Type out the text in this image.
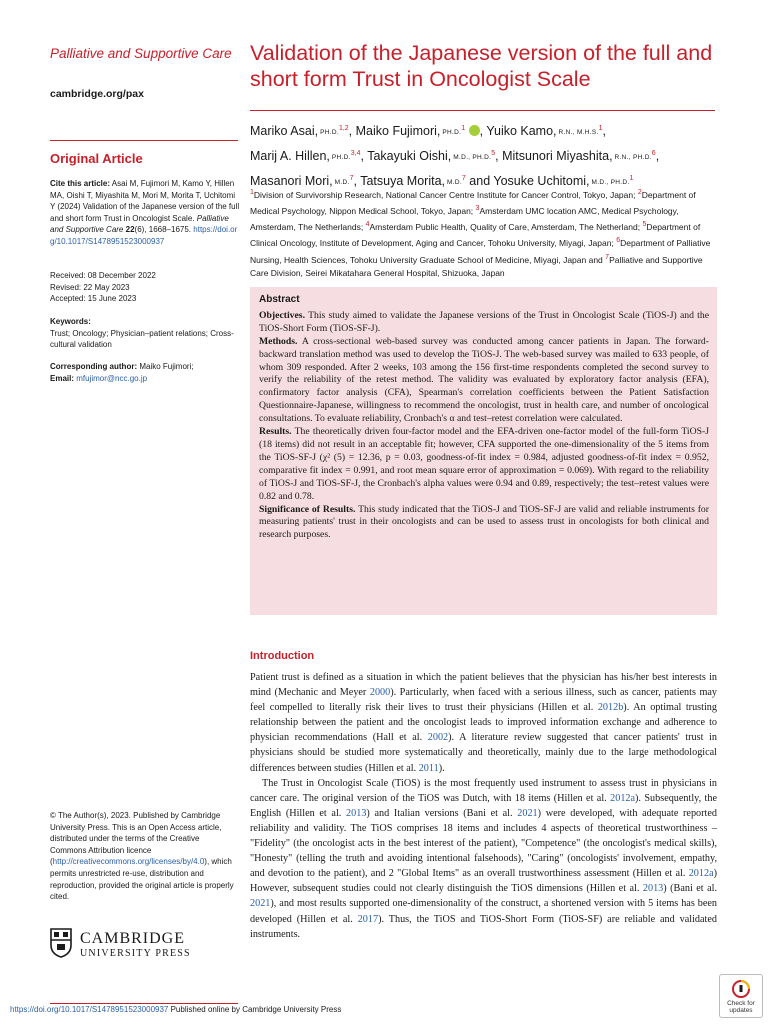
Palliative and Supportive Care
cambridge.org/pax
Original Article
Cite this article: Asai M, Fujimori M, Kamo Y, Hillen MA, Oishi T, Miyashita M, Mori M, Morita T, Uchitomi Y (2024) Validation of the Japanese version of the full and short form Trust in Oncologist Scale. Palliative and Supportive Care 22(6), 1668–1675. https://doi.org/10.1017/S1478951523000937
Received: 08 December 2022
Revised: 22 May 2023
Accepted: 15 June 2023
Keywords:
Trust; Oncology; Physician–patient relations; Cross-cultural validation
Corresponding author: Maiko Fujimori;
Email: mfujimor@ncc.go.jp
© The Author(s), 2023. Published by Cambridge University Press. This is an Open Access article, distributed under the terms of the Creative Commons Attribution licence (http://creativecommons.org/licenses/by/4.0), which permits unrestricted re-use, distribution and reproduction, provided the original article is properly cited.
CAMBRIDGE
UNIVERSITY PRESS
Validation of the Japanese version of the full and short form Trust in Oncologist Scale
Mariko Asai, PH.D.$^{1,2}$, Maiko Fujimori, PH.D.$^1$ , Yuiko Kamo, R.N., M.H.S.$^1$,
Marij A. Hillen, PH.D.$^{3,4}$, Takayuki Oishi, M.D., PH.D.$^5$, Mitsunori Miyashita, R.N., PH.D.$^6$,
Masanori Mori, M.D.$^7$, Tatsuya Morita, M.D.$^7$ and Yosuke Uchitomi, M.D., PH.D.$^1$
$^1$Division of Survivorship Research, National Cancer Centre Institute for Cancer Control, Tokyo, Japan; $^2$Department of Medical Psychology, Nippon Medical School, Tokyo, Japan; $^3$Amsterdam UMC location AMC, Medical Psychology, Amsterdam, The Netherlands; $^4$Amsterdam Public Health, Quality of Care, Amsterdam, The Netherland; $^5$Department of Clinical Oncology, Institute of Development, Aging and Cancer, Tohoku University, Miyagi, Japan; $^6$Department of Palliative Nursing, Health Sciences, Tohoku University Graduate School of Medicine, Miyagi, Japan and $^7$Palliative and Supportive Care Division, Seirei Mikatahara General Hospital, Shizuoka, Japan
Abstract
Objectives. This study aimed to validate the Japanese versions of the Trust in Oncologist Scale (TiOS-J) and the TiOS-Short Form (TiOS-SF-J).
Methods. A cross-sectional web-based survey was conducted among cancer patients in Japan. The forward-backward translation method was used to develop the TiOS-J. The web-based survey was mailed to 633 people, of whom 309 responded. After 2 weeks, 103 among the 156 first-time respondents completed the second survey to verify the reliability of the retest method. The validity was evaluated by exploratory factor analysis (EFA), confirmatory factor analysis (CFA), Spearman's correlation coefficients between the Patient Satisfaction Questionnaire-Japanese, willingness to recommend the oncologist, trust in health care, and number of oncological consultations. To evaluate reliability, Cronbach's α and test–retest correlation were calculated.
Results. The theoretically driven four-factor model and the EFA-driven one-factor model of the full-form TiOS-J (18 items) did not result in an acceptable fit; however, CFA supported the one-dimensionality of the 5 items from the TiOS-SF-J (χ² (5) = 12.36, p = 0.03, goodness-of-fit index = 0.984, adjusted goodness-of-fit index = 0.952, comparative fit index = 0.991, and root mean square error of approximation = 0.069). With regard to the reliability of TiOS-J and TiOS-SF-J, the Cronbach's alpha values were 0.94 and 0.89, respectively; the test–retest values were 0.82 and 0.78.
Significance of Results. This study indicated that the TiOS-J and TiOS-SF-J are valid and reliable instruments for measuring patients' trust in their oncologists and can be used to assess trust in oncologists for both clinical and research purposes.
Introduction

Patient trust is defined as a situation in which the patient believes that the physician has his/her best interests in mind (Mechanic and Meyer 2000). Particularly, when faced with a serious illness, such as cancer, patients may feel compelled to literally risk their lives to trust their physicians (Hillen et al. 2012b). An optimal trusting relationship between the patient and the oncologist leads to improved information exchange and adherence to physician recommendations (Hall et al. 2002). A literature review suggested that cancer patients' trust in physicians should be studied more systematically and theoretically, mainly due to the large methodological differences between studies (Hillen et al. 2011).

The Trust in Oncologist Scale (TiOS) is the most frequently used instrument to assess trust in physicians in cancer care. The original version of the TiOS was Dutch, with 18 items (Hillen et al. 2012a). Subsequently, the English (Hillen et al. 2013) and Italian versions (Bani et al. 2021) were developed, with adequate reported reliability and validity. The TiOS comprises 18 items and includes 4 aspects of theoretical trustworthiness – "Fidelity" (the oncologist acts in the best interest of the patient), "Competence" (the oncologist's medical skills), "Honesty" (telling the truth and avoiding intentional falsehoods), "Caring" (oncologists' involvement, empathy, and devotion to the patient), and 2 "Global Items" as an overall trustworthiness assessment (Hillen et al. 2012a) However, subsequent studies could not clearly distinguish the TiOS dimensions (Hillen et al. 2013) (Bani et al. 2021), and most results supported one-dimensionality of the construct, a shortened version with 5 items has been developed (Hillen et al. 2017). Thus, the TiOS and TiOS-Short Form (TiOS-SF) are reliable and validated instruments.

https://doi.org/10.1017/S1478951523000937 Published online by Cambridge University Press
Check for
updates
